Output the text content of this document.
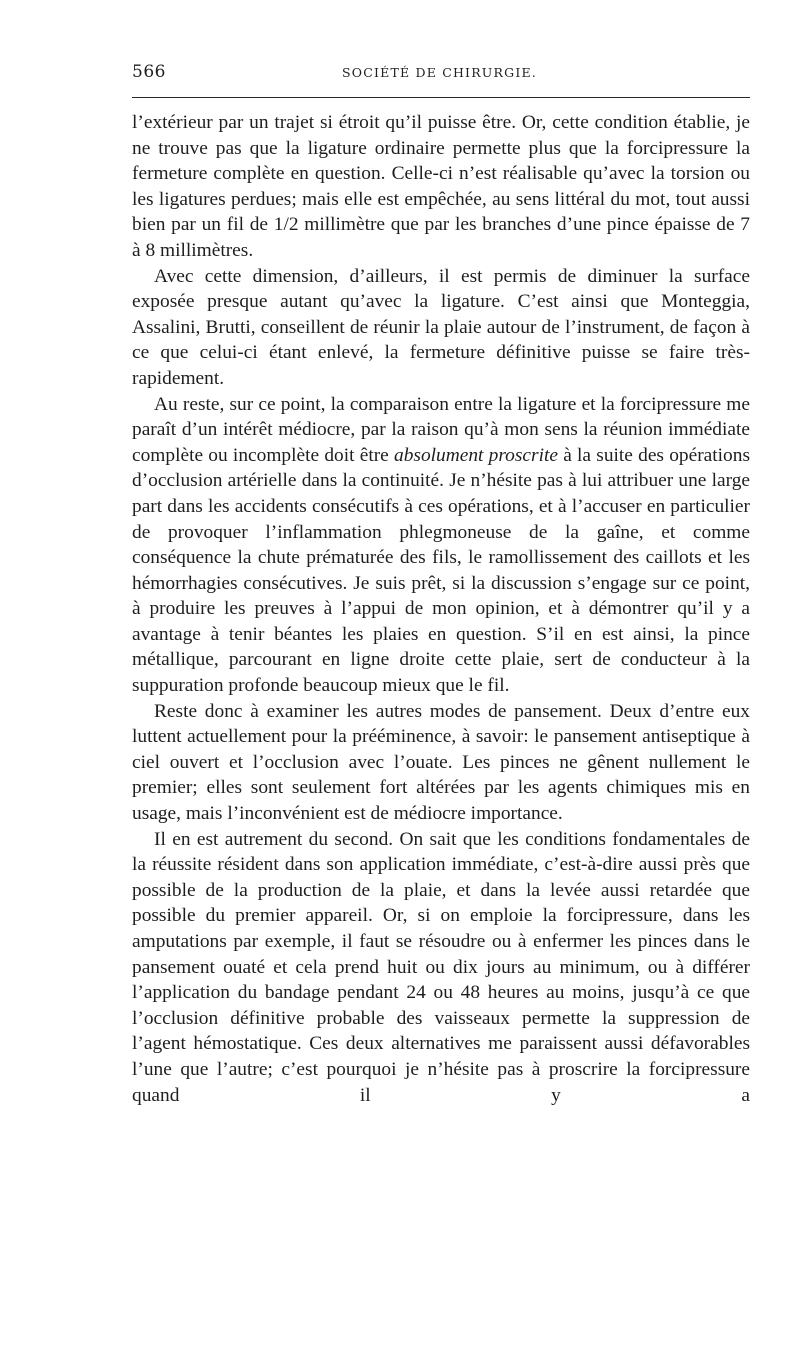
566	SOCIÉTÉ DE CHIRURGIE.

l’extérieur par un trajet si étroit qu’il puisse être. Or, cette condition établie, je ne trouve pas que la ligature ordinaire permette plus que la forcipressure la fermeture complète en question. Celle-ci n’est réalisable qu’avec la torsion ou les ligatures perdues; mais elle est empêchée, au sens littéral du mot, tout aussi bien par un fil de 1/2 millimètre que par les branches d’une pince épaisse de 7 à 8 millimètres.

Avec cette dimension, d’ailleurs, il est permis de diminuer la surface exposée presque autant qu’avec la ligature. C’est ainsi que Monteggia, Assalini, Brutti, conseillent de réunir la plaie autour de l’instrument, de façon à ce que celui-ci étant enlevé, la fermeture définitive puisse se faire très-rapidement.

Au reste, sur ce point, la comparaison entre la ligature et la forcipressure me paraît d’un intérêt médiocre, par la raison qu’à mon sens la réunion immédiate complète ou incomplète doit être absolument proscrite à la suite des opérations d’occlusion artérielle dans la continuité. Je n’hésite pas à lui attribuer une large part dans les accidents consécutifs à ces opérations, et à l’accuser en particulier de provoquer l’inflammation phlegmoneuse de la gaîne, et comme conséquence la chute prématurée des fils, le ramollissement des caillots et les hémorrhagies consécutives. Je suis prêt, si la discussion s’engage sur ce point, à produire les preuves à l’appui de mon opinion, et à démontrer qu’il y a avantage à tenir béantes les plaies en question. S’il en est ainsi, la pince métallique, parcourant en ligne droite cette plaie, sert de conducteur à la suppuration profonde beaucoup mieux que le fil.

Reste donc à examiner les autres modes de pansement. Deux d’entre eux luttent actuellement pour la prééminence, à savoir: le pansement antiseptique à ciel ouvert et l’occlusion avec l’ouate. Les pinces ne gênent nullement le premier; elles sont seulement fort altérées par les agents chimiques mis en usage, mais l’inconvénient est de médiocre importance.

Il en est autrement du second. On sait que les conditions fondamentales de la réussite résident dans son application immédiate, c’est-à-dire aussi près que possible de la production de la plaie, et dans la levée aussi retardée que possible du premier appareil. Or, si on emploie la forcipressure, dans les amputations par exemple, il faut se résoudre ou à enfermer les pinces dans le pansement ouaté et cela prend huit ou dix jours au minimum, ou à différer l’application du bandage pendant 24 ou 48 heures au moins, jusqu’à ce que l’occlusion définitive probable des vaisseaux permette la suppression de l’agent hémostatique. Ces deux alternatives me paraissent aussi défavorables l’une que l’autre; c’est pourquoi je n’hésite pas à proscrire la forcipressure quand il y a
